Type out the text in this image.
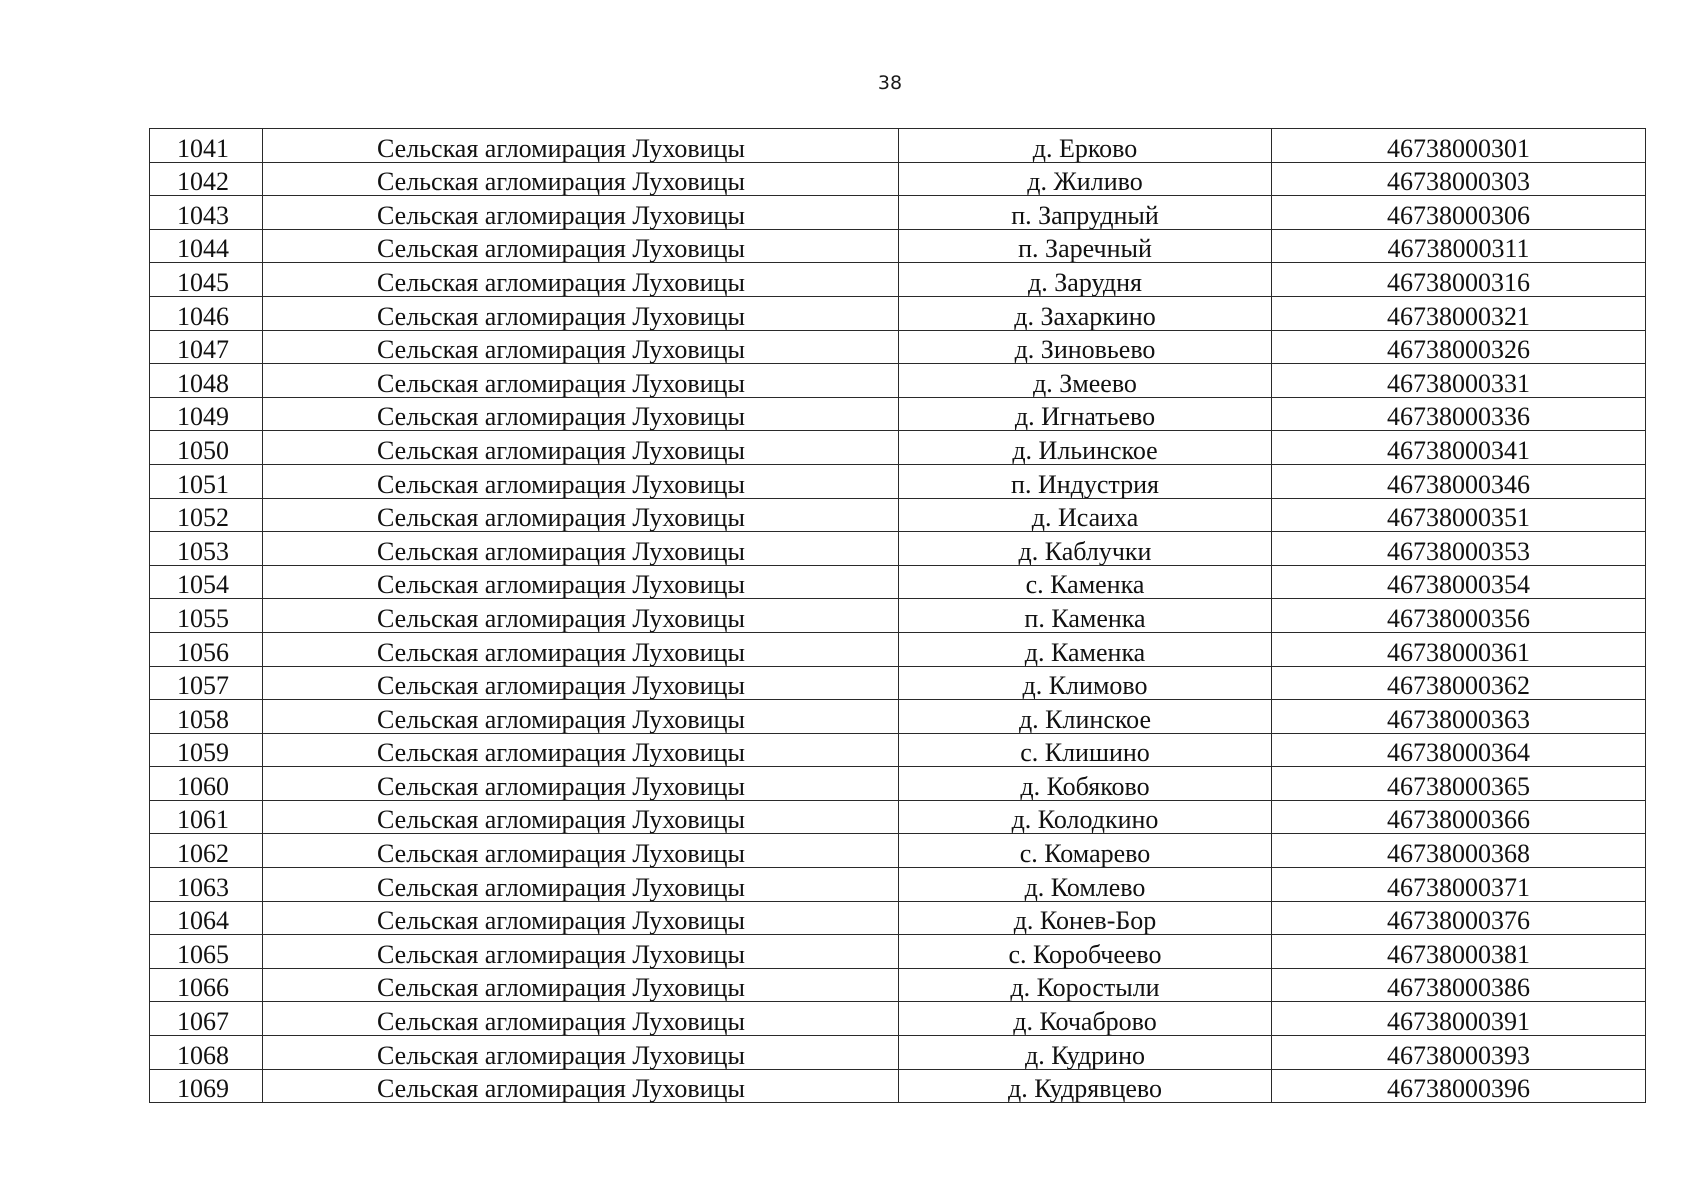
38
1041	Сельская агломирация Луховицы	д. Ерково	46738000301
1042	Сельская агломирация Луховицы	д. Жиливо	46738000303
1043	Сельская агломирация Луховицы	п. Запрудный	46738000306
1044	Сельская агломирация Луховицы	п. Заречный	46738000311
1045	Сельская агломирация Луховицы	д. Зарудня	46738000316
1046	Сельская агломирация Луховицы	д. Захаркино	46738000321
1047	Сельская агломирация Луховицы	д. Зиновьево	46738000326
1048	Сельская агломирация Луховицы	д. Змеево	46738000331
1049	Сельская агломирация Луховицы	д. Игнатьево	46738000336
1050	Сельская агломирация Луховицы	д. Ильинское	46738000341
1051	Сельская агломирация Луховицы	п. Индустрия	46738000346
1052	Сельская агломирация Луховицы	д. Исаиха	46738000351
1053	Сельская агломирация Луховицы	д. Каблучки	46738000353
1054	Сельская агломирация Луховицы	с. Каменка	46738000354
1055	Сельская агломирация Луховицы	п. Каменка	46738000356
1056	Сельская агломирация Луховицы	д. Каменка	46738000361
1057	Сельская агломирация Луховицы	д. Климово	46738000362
1058	Сельская агломирация Луховицы	д. Клинское	46738000363
1059	Сельская агломирация Луховицы	с. Клишино	46738000364
1060	Сельская агломирация Луховицы	д. Кобяково	46738000365
1061	Сельская агломирация Луховицы	д. Колодкино	46738000366
1062	Сельская агломирация Луховицы	с. Комарево	46738000368
1063	Сельская агломирация Луховицы	д. Комлево	46738000371
1064	Сельская агломирация Луховицы	д. Конев-Бор	46738000376
1065	Сельская агломирация Луховицы	с. Коробчеево	46738000381
1066	Сельская агломирация Луховицы	д. Коростыли	46738000386
1067	Сельская агломирация Луховицы	д. Кочаброво	46738000391
1068	Сельская агломирация Луховицы	д. Кудрино	46738000393
1069	Сельская агломирация Луховицы	д. Кудрявцево	46738000396
